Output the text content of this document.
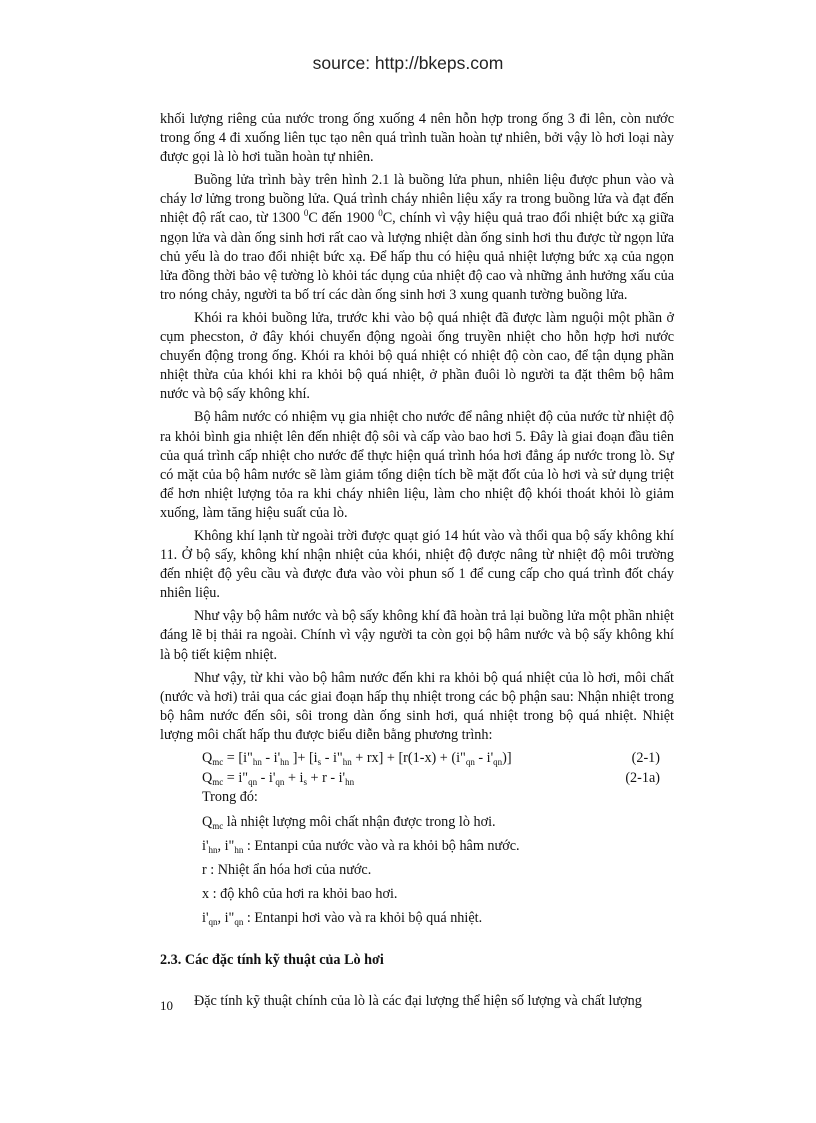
source: http://bkeps.com

khối lượng riêng của nước trong ống xuống 4 nên hỗn hợp trong ống 3 đi lên, còn nước trong ống 4 đi xuống liên tục tạo nên quá trình tuần hoàn tự nhiên, bởi vậy lò hơi loại này được gọi là lò hơi tuần hoàn tự nhiên.

Buồng lửa trình bày trên hình 2.1 là buồng lửa phun, nhiên liệu được phun vào và cháy lơ lửng trong buồng lửa. Quá trình cháy nhiên liệu xẩy ra trong buồng lửa và đạt đến nhiệt độ rất cao, từ 1300 $^0$C đến 1900 $^0$C, chính vì vậy hiệu quả trao đổi nhiệt bức xạ giữa ngọn lửa và dàn ống sinh hơi rất cao và lượng nhiệt dàn ống sinh hơi thu được từ ngọn lửa chủ yếu là do trao đổi nhiệt bức xạ. Để hấp thu có hiệu quả nhiệt lượng bức xạ của ngọn lửa đồng thời bảo vệ tường lò khỏi tác dụng của nhiệt độ cao và những ảnh hưởng xấu của tro nóng chảy, người ta bố trí các dàn ống sinh hơi 3 xung quanh tường buồng lửa.

Khói ra khỏi buồng lửa, trước khi vào bộ quá nhiệt đã được làm nguội một phần ở cụm phecston, ở đây khói chuyển động ngoài ống truyền nhiệt cho hỗn hợp hơi nước chuyển động trong ống. Khói ra khỏi bộ quá nhiệt có nhiệt độ còn cao, để tận dụng phần nhiệt thừa của khói khi ra khỏi bộ quá nhiệt, ở phần đuôi lò người ta đặt thêm bộ hâm nước và bộ sấy không khí.

Bộ hâm nước có nhiệm vụ gia nhiệt cho nước để nâng nhiệt độ của nước từ nhiệt độ ra khỏi bình gia nhiệt lên đến nhiệt độ sôi và cấp vào bao hơi 5. Đây là giai đoạn đầu tiên của quá trình cấp nhiệt cho nước để thực hiện quá trình hóa hơi đẳng áp nước trong lò. Sự có mặt của bộ hâm nước sẽ làm giảm tổng diện tích bề mặt đốt của lò hơi và sử dụng triệt để hơn nhiệt lượng tỏa ra khi cháy nhiên liệu, làm cho nhiệt độ khói thoát khỏi lò giảm xuống, làm tăng hiệu suất của lò.

Không khí lạnh từ ngoài trời được quạt gió 14 hút vào và thổi qua bộ sấy không khí 11. Ở bộ sấy, không khí nhận nhiệt của khói, nhiệt độ được nâng từ nhiệt độ môi trường đến nhiệt độ yêu cầu và được đưa vào vòi phun số 1 để cung cấp cho quá trình đốt cháy nhiên liệu.

Như vậy bộ hâm nước và bộ sấy không khí đã hoàn trả lại buồng lửa một phần nhiệt đáng lẽ bị thải ra ngoài. Chính vì vậy người ta còn gọi bộ hâm nước và bộ sấy không khí là bộ tiết kiệm nhiệt.

Như vậy, từ khi vào bộ hâm nước đến khi ra khỏi bộ quá nhiệt của lò hơi, môi chất (nước và hơi) trải qua các giai đoạn hấp thụ nhiệt trong các bộ phận sau: Nhận nhiệt trong bộ hâm nước đến sôi, sôi trong dàn ống sinh hơi, quá nhiệt trong bộ quá nhiệt. Nhiệt lượng môi chất hấp thu được biểu diễn bằng phương trình:

$Q_{mc}$ = [$i"_{hn} - i'_{hn}$ ]+ [$i_s$ - $i"_{hn} + rx] + [r(1-x)$ + $(i"_{qn} - i'_{qn})$]	(2-1)
$Q_{mc}$ = $i"_{qn} - i'_{qn} + i_s + r - i'_{hn}$	(2-1a)
Trong đó:
$Q_{mc}$ là nhiệt lượng môi chất nhận được trong lò hơi.
$i'_{hn}$, $i"_{hn}$ : Entanpi của nước vào và ra khỏi bộ hâm nước.
r : Nhiệt ẩn hóa hơi của nước.
x : độ khô của hơi ra khỏi bao hơi.
$i'_{qn}$, $i"_{qn}$ : Entanpi hơi vào và ra khỏi bộ quá nhiệt.
2.3. Các đặc tính kỹ thuật của Lò hơi

Đặc tính kỹ thuật chính của lò là các đại lượng thể hiện số lượng và chất lượng

10
